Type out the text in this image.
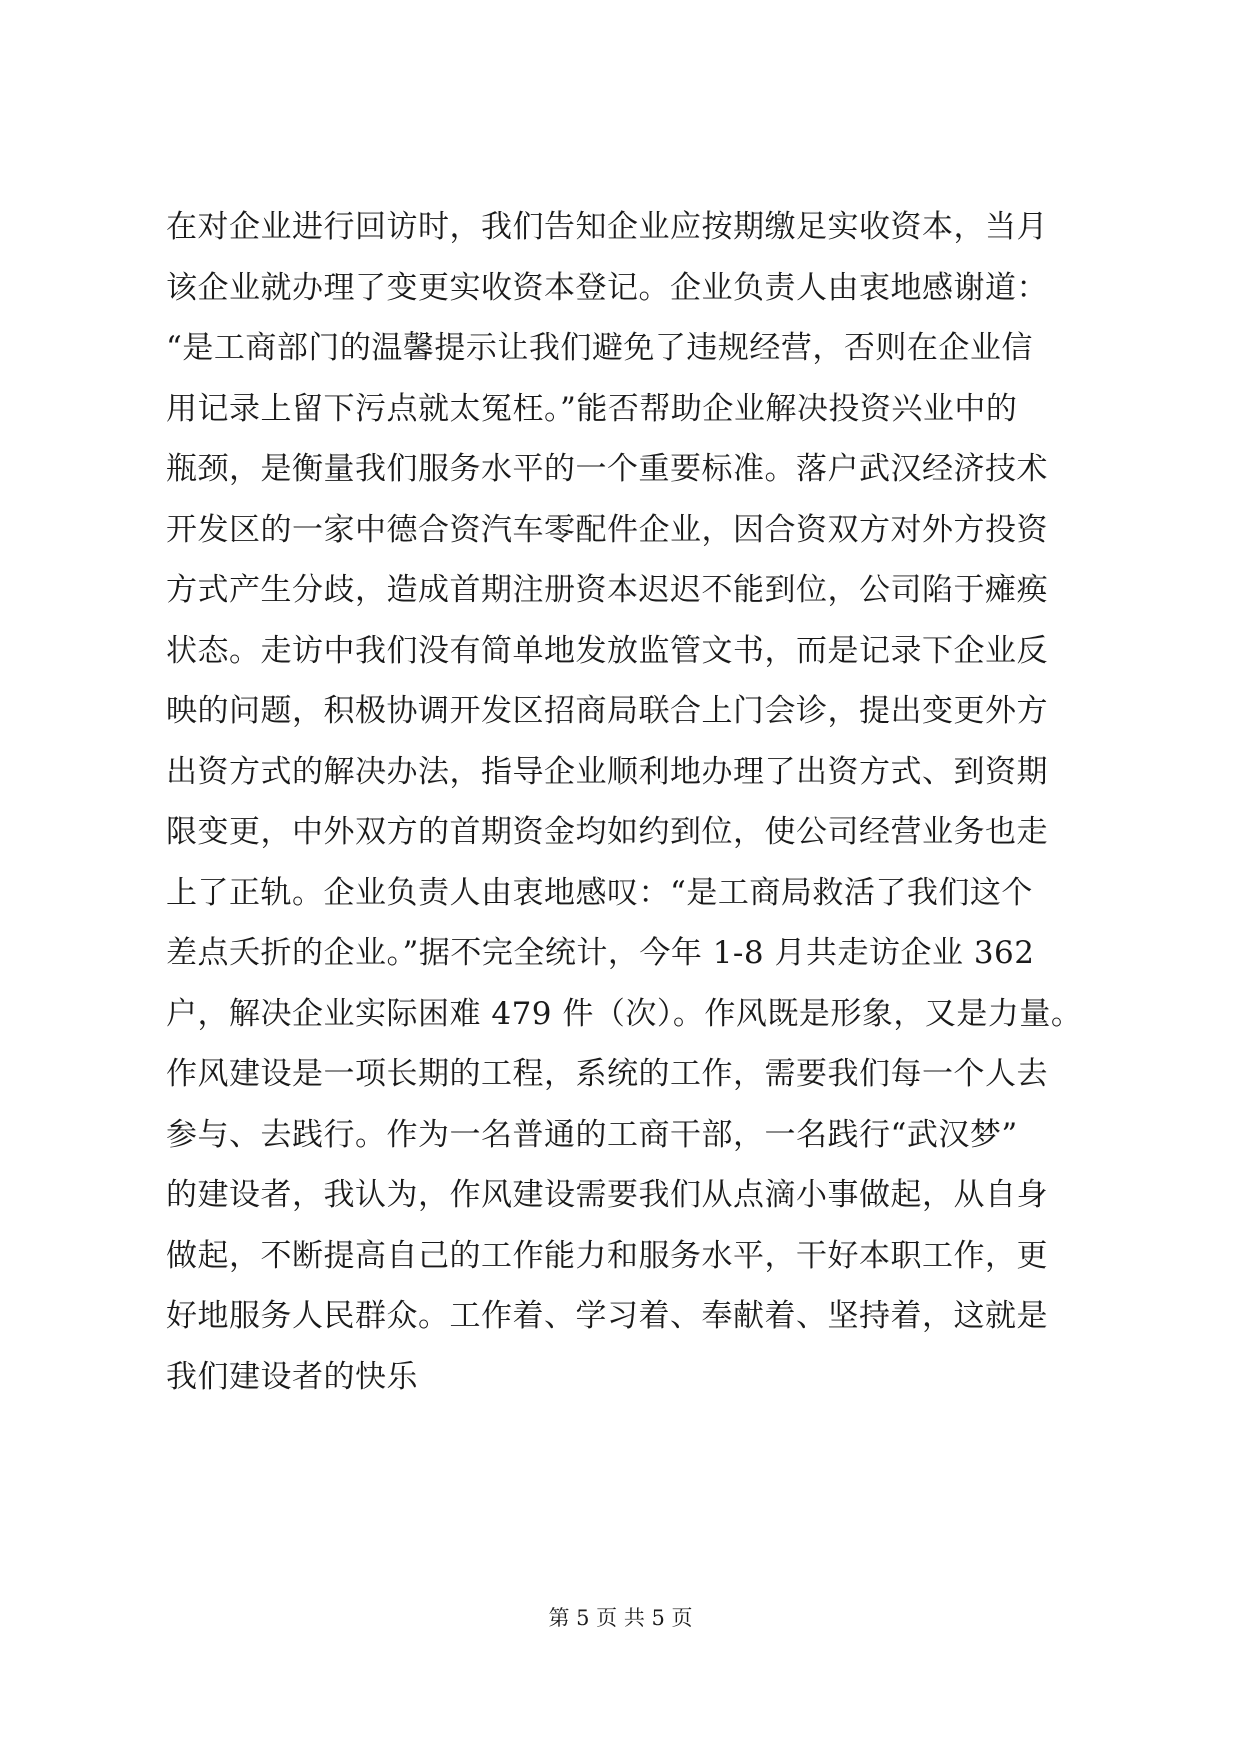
在对企业进行回访时，我们告知企业应按期缴足实收资本，当月
该企业就办理了变更实收资本登记。企业负责人由衷地感谢道：
“是工商部门的温馨提示让我们避免了违规经营，否则在企业信
用记录上留下污点就太冤枉。”能否帮助企业解决投资兴业中的
瓶颈，是衡量我们服务水平的一个重要标准。落户武汉经济技术
开发区的一家中德合资汽车零配件企业，因合资双方对外方投资
方式产生分歧，造成首期注册资本迟迟不能到位，公司陷于瘫痪
状态。走访中我们没有简单地发放监管文书，而是记录下企业反
映的问题，积极协调开发区招商局联合上门会诊，提出变更外方
出资方式的解决办法，指导企业顺利地办理了出资方式、到资期
限变更，中外双方的首期资金均如约到位，使公司经营业务也走
上了正轨。企业负责人由衷地感叹：“是工商局救活了我们这个
差点夭折的企业。”据不完全统计，今年 1-8 月共走访企业 362
户，解决企业实际困难 479 件（次）。作风既是形象，又是力量。
作风建设是一项长期的工程，系统的工作，需要我们每一个人去
参与、去践行。作为一名普通的工商干部，一名践行“武汉梦”
的建设者，我认为，作风建设需要我们从点滴小事做起，从自身
做起，不断提高自己的工作能力和服务水平，干好本职工作，更
好地服务人民群众。工作着、学习着、奉献着、坚持着，这就是
我们建设者的快乐
第 5 页 共 5 页
